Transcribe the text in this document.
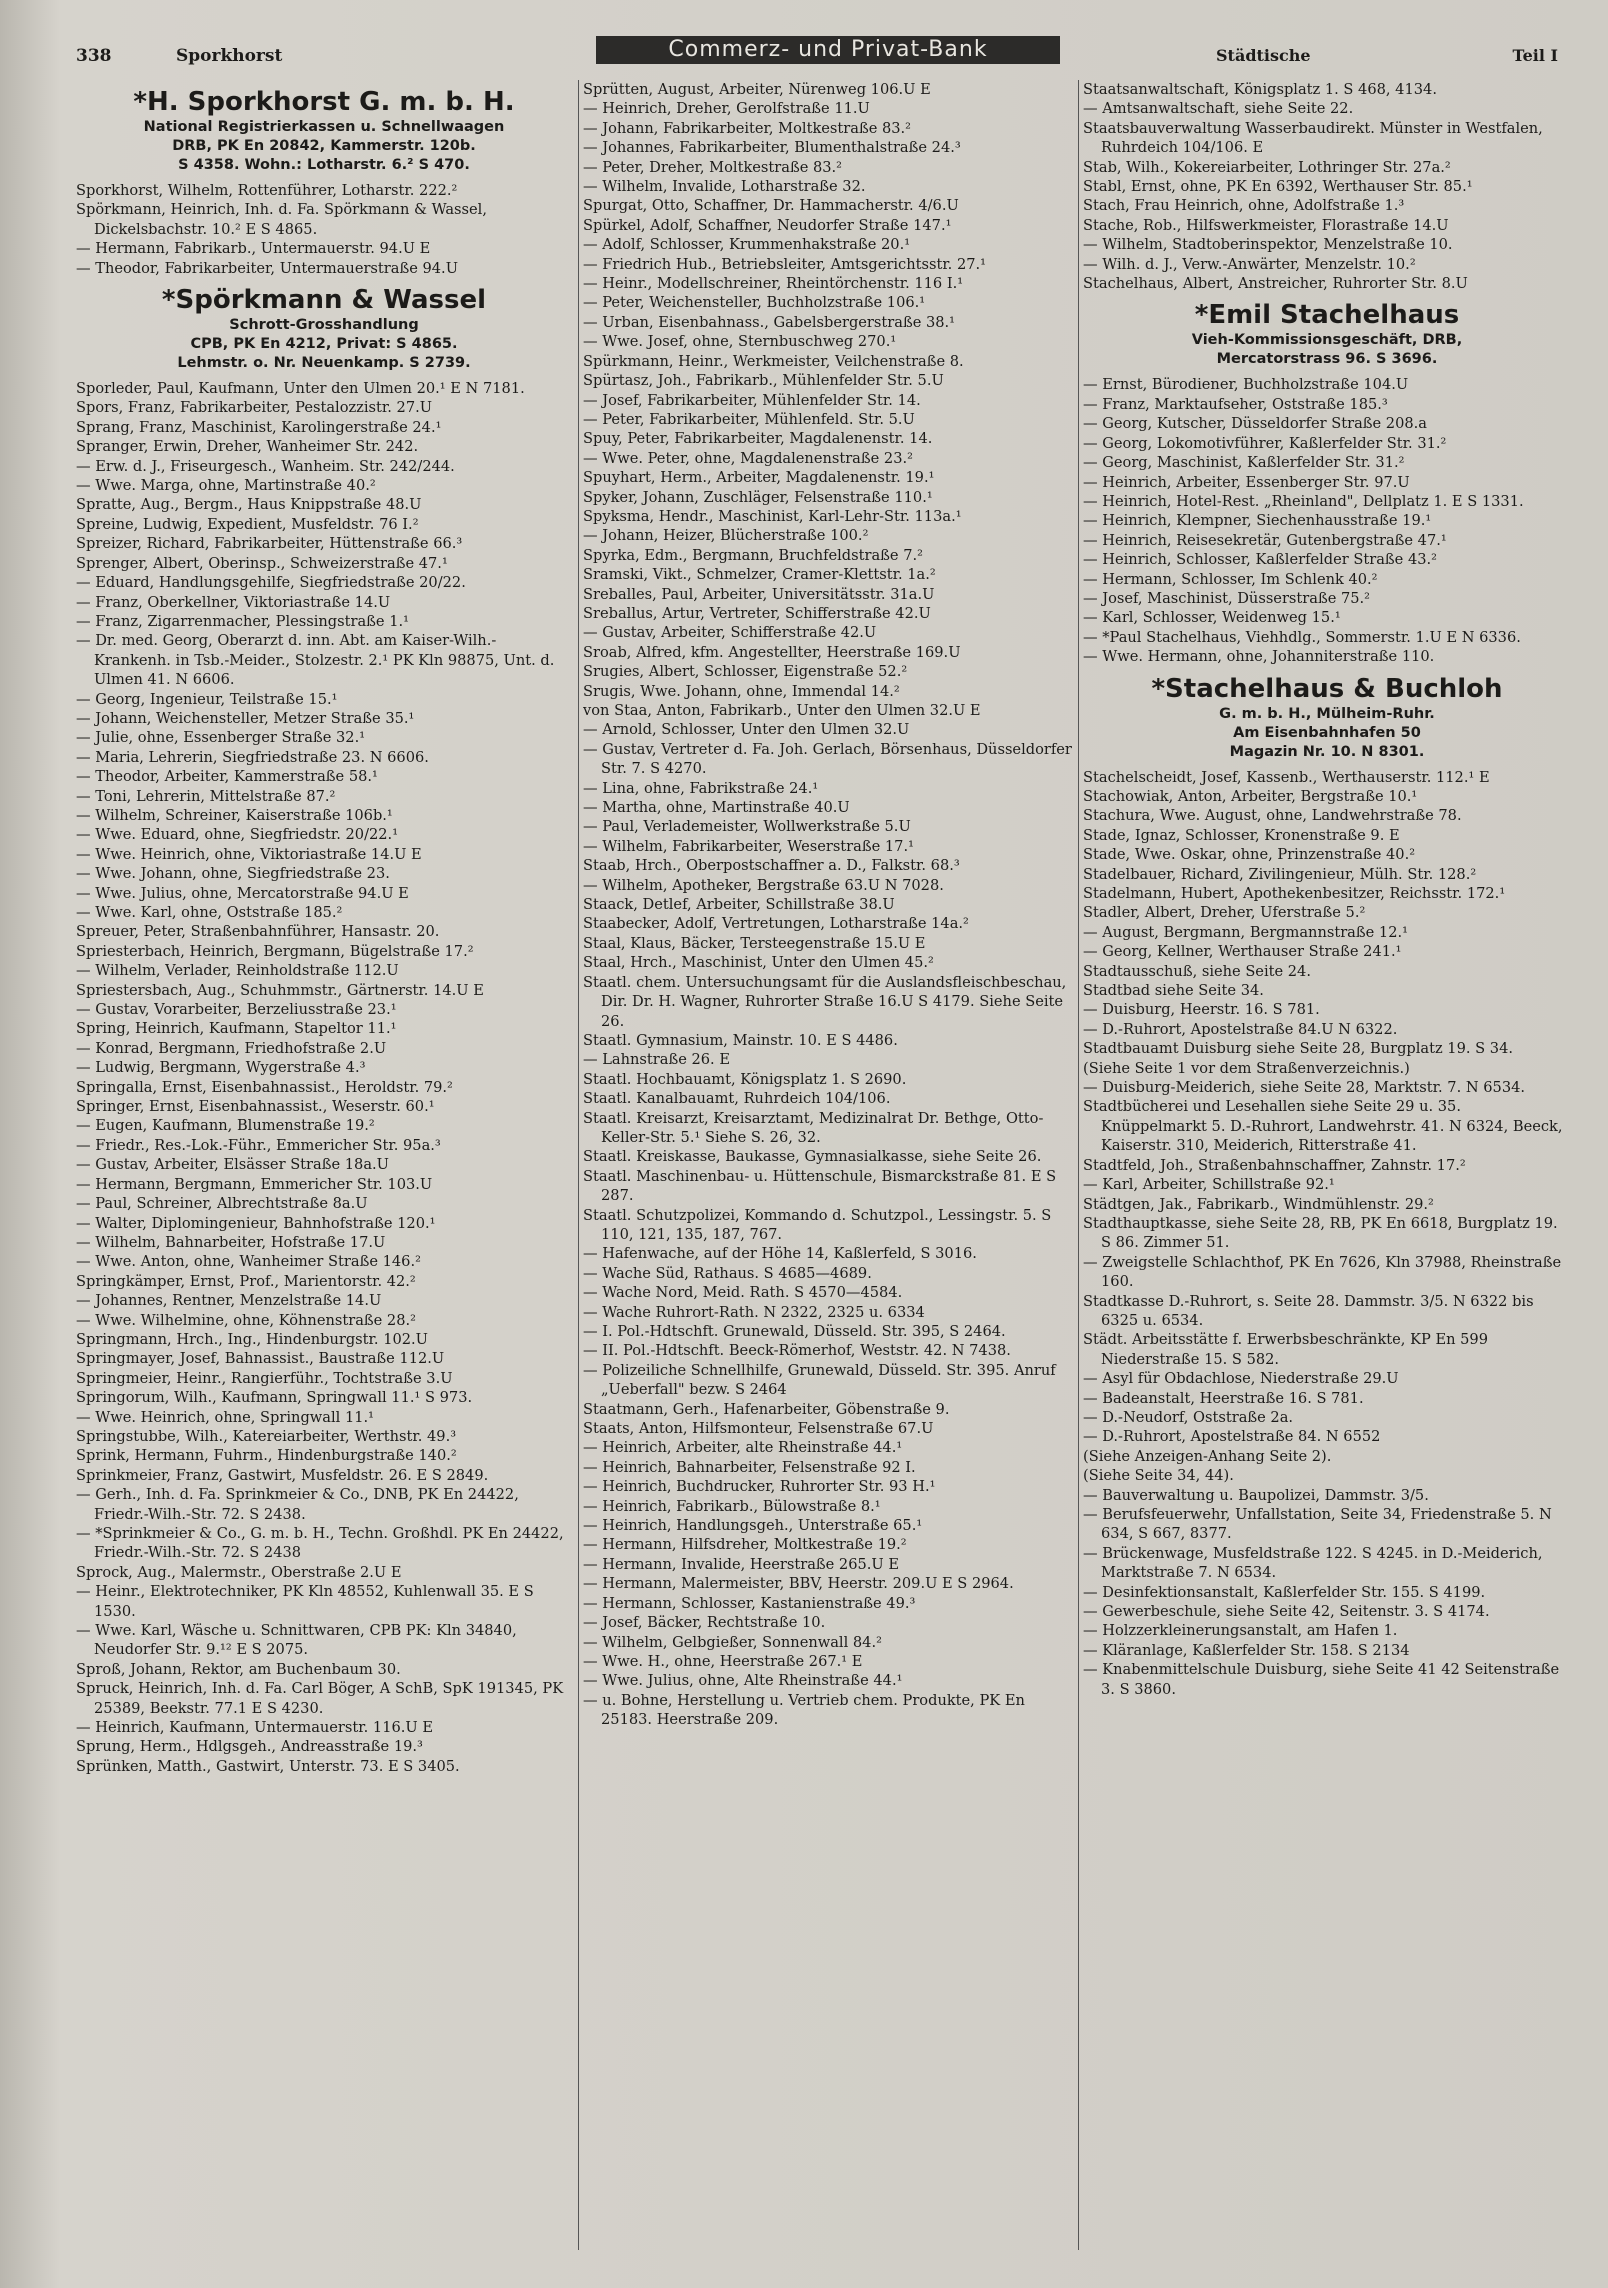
338	Sporkhorst	Commerz- und Privat-Bank	Städtische	Teil I
*H. Sporkhorst G. m. b. H.
National Registrierkassen u. Schnellwaagen
DRB, PK En 20842, Kammerstr. 120b.
S 4358. Wohn.: Lotharstr. 6.² S 470.
Sporkhorst, Wilhelm, Rottenführer, Lotharstr. 222.²
Spörkmann, Heinrich, Inh. d. Fa. Spörkmann & Wassel, Dickelsbachstr. 10.² E S 4865.
— Hermann, Fabrikarb., Untermauerstr. 94.U E
— Theodor, Fabrikarbeiter, Untermauerstraße 94.U
*Spörkmann & Wassel
Schrott-Grosshandlung
CPB, PK En 4212, Privat: S 4865.
Lehmstr. o. Nr. Neuenkamp. S 2739.
Sporleder, Paul, Kaufmann, Unter den Ulmen 20.¹ E N 7181.
Spors, Franz, Fabrikarbeiter, Pestalozzistr. 27.U
Sprang, Franz, Maschinist, Karolingerstraße 24.¹
Spranger, Erwin, Dreher, Wanheimer Str. 242.
— Erw. d. J., Friseurgesch., Wanheim. Str. 242/244.
— Wwe. Marga, ohne, Martinstraße 40.²
Spratte, Aug., Bergm., Haus Knippstraße 48.U
Spreine, Ludwig, Expedient, Musfeldstr. 76 I.²
Spreizer, Richard, Fabrikarbeiter, Hüttenstraße 66.³
Sprenger, Albert, Oberinsp., Schweizerstraße 47.¹
— Eduard, Handlungsgehilfe, Siegfriedstraße 20/22.
— Franz, Oberkellner, Viktoriastraße 14.U
— Franz, Zigarrenmacher, Plessingstraße 1.¹
— Dr. med. Georg, Oberarzt d. inn. Abt. am Kaiser-Wilh.-Krankenh. in Tsb.-Meider., Stolzestr. 2.¹ PK Kln 98875, Unt. d. Ulmen 41. N 6606.
— Georg, Ingenieur, Teilstraße 15.¹
— Johann, Weichensteller, Metzer Straße 35.¹
— Julie, ohne, Essenberger Straße 32.¹
— Maria, Lehrerin, Siegfriedstraße 23. N 6606.
— Theodor, Arbeiter, Kammerstraße 58.¹
— Toni, Lehrerin, Mittelstraße 87.²
— Wilhelm, Schreiner, Kaiserstraße 106b.¹
— Wwe. Eduard, ohne, Siegfriedstr. 20/22.¹
— Wwe. Heinrich, ohne, Viktoriastraße 14.U E
— Wwe. Johann, ohne, Siegfriedstraße 23.
— Wwe. Julius, ohne, Mercatorstraße 94.U E
— Wwe. Karl, ohne, Oststraße 185.²
Spreuer, Peter, Straßenbahnführer, Hansastr. 20.
Spriesterbach, Heinrich, Bergmann, Bügelstraße 17.²
— Wilhelm, Verlader, Reinholdstraße 112.U
Spriestersbach, Aug., Schuhmmstr., Gärtnerstr. 14.U E
— Gustav, Vorarbeiter, Berzeliusstraße 23.¹
Spring, Heinrich, Kaufmann, Stapeltor 11.¹
— Konrad, Bergmann, Friedhofstraße 2.U
— Ludwig, Bergmann, Wygerstraße 4.³
Springalla, Ernst, Eisenbahnassist., Heroldstr. 79.²
Springer, Ernst, Eisenbahnassist., Weserstr. 60.¹
— Eugen, Kaufmann, Blumenstraße 19.²
— Friedr., Res.-Lok.-Führ., Emmericher Str. 95a.³
— Gustav, Arbeiter, Elsässer Straße 18a.U
— Hermann, Bergmann, Emmericher Str. 103.U
— Paul, Schreiner, Albrechtstraße 8a.U
— Walter, Diplomingenieur, Bahnhofstraße 120.¹
— Wilhelm, Bahnarbeiter, Hofstraße 17.U
— Wwe. Anton, ohne, Wanheimer Straße 146.²
Springkämper, Ernst, Prof., Marientorstr. 42.²
— Johannes, Rentner, Menzelstraße 14.U
— Wwe. Wilhelmine, ohne, Köhnenstraße 28.²
Springmann, Hrch., Ing., Hindenburgstr. 102.U
Springmayer, Josef, Bahnassist., Baustraße 112.U
Springmeier, Heinr., Rangierführ., Tochtstraße 3.U
Springorum, Wilh., Kaufmann, Springwall 11.¹ S 973.
— Wwe. Heinrich, ohne, Springwall 11.¹
Springstubbe, Wilh., Katereiarbeiter, Werthstr. 49.³
Sprink, Hermann, Fuhrm., Hindenburgstraße 140.²
Sprinkmeier, Franz, Gastwirt, Musfeldstr. 26. E S 2849.
— Gerh., Inh. d. Fa. Sprinkmeier & Co., DNB, PK En 24422, Friedr.-Wilh.-Str. 72. S 2438.
— *Sprinkmeier & Co., G. m. b. H., Techn. Großhdl. PK En 24422, Friedr.-Wilh.-Str. 72. S 2438
Sprock, Aug., Malermstr., Oberstraße 2.U E
— Heinr., Elektrotechniker, PK Kln 48552, Kuhlenwall 35. E S 1530.
— Wwe. Karl, Wäsche u. Schnittwaren, CPB PK: Kln 34840, Neudorfer Str. 9.¹² E S 2075.
Sproß, Johann, Rektor, am Buchenbaum 30.
Spruck, Heinrich, Inh. d. Fa. Carl Böger, A SchB, SpK 191345, PK 25389, Beekstr. 77.1 E S 4230.
— Heinrich, Kaufmann, Untermauerstr. 116.U E
Sprung, Herm., Hdlgsgeh., Andreasstraße 19.³
Sprünken, Matth., Gastwirt, Unterstr. 73. E S 3405.
Sprütten, August, Arbeiter, Nürenweg 106.U E
— Heinrich, Dreher, Gerolfstraße 11.U
— Johann, Fabrikarbeiter, Moltkestraße 83.²
— Johannes, Fabrikarbeiter, Blumenthalstraße 24.³
— Peter, Dreher, Moltkestraße 83.²
— Wilhelm, Invalide, Lotharstraße 32.
Spurgat, Otto, Schaffner, Dr. Hammacherstr. 4/6.U
Spürkel, Adolf, Schaffner, Neudorfer Straße 147.¹
— Adolf, Schlosser, Krummenhakstraße 20.¹
— Friedrich Hub., Betriebsleiter, Amtsgerichtsstr. 27.¹
— Heinr., Modellschreiner, Rheintörchenstr. 116 I.¹
— Peter, Weichensteller, Buchholzstraße 106.¹
— Urban, Eisenbahnass., Gabelsbergerstraße 38.¹
— Wwe. Josef, ohne, Sternbuschweg 270.¹
Spürkmann, Heinr., Werkmeister, Veilchenstraße 8.
Spürtasz, Joh., Fabrikarb., Mühlenfelder Str. 5.U
— Josef, Fabrikarbeiter, Mühlenfelder Str. 14.
— Peter, Fabrikarbeiter, Mühlenfeld. Str. 5.U
Spuy, Peter, Fabrikarbeiter, Magdalenenstr. 14.
— Wwe. Peter, ohne, Magdalenenstraße 23.²
Spuyhart, Herm., Arbeiter, Magdalenenstr. 19.¹
Spyker, Johann, Zuschläger, Felsenstraße 110.¹
Spyksma, Hendr., Maschinist, Karl-Lehr-Str. 113a.¹
— Johann, Heizer, Blücherstraße 100.²
Spyrka, Edm., Bergmann, Bruchfeldstraße 7.²
Sramski, Vikt., Schmelzer, Cramer-Klettstr. 1a.²
Sreballes, Paul, Arbeiter, Universitätsstr. 31a.U
Sreballus, Artur, Vertreter, Schifferstraße 42.U
— Gustav, Arbeiter, Schifferstraße 42.U
Sroab, Alfred, kfm. Angestellter, Heerstraße 169.U
Srugies, Albert, Schlosser, Eigenstraße 52.²
Srugis, Wwe. Johann, ohne, Immendal 14.²
von Staa, Anton, Fabrikarb., Unter den Ulmen 32.U E
— Arnold, Schlosser, Unter den Ulmen 32.U
— Gustav, Vertreter d. Fa. Joh. Gerlach, Börsenhaus, Düsseldorfer Str. 7. S 4270.
— Lina, ohne, Fabrikstraße 24.¹
— Martha, ohne, Martinstraße 40.U
— Paul, Verlademeister, Wollwerkstraße 5.U
— Wilhelm, Fabrikarbeiter, Weserstraße 17.¹
Staab, Hrch., Oberpostschaffner a. D., Falkstr. 68.³
— Wilhelm, Apotheker, Bergstraße 63.U N 7028.
Staack, Detlef, Arbeiter, Schillstraße 38.U
Staabecker, Adolf, Vertretungen, Lotharstraße 14a.²
Staal, Klaus, Bäcker, Tersteegenstraße 15.U E
Staal, Hrch., Maschinist, Unter den Ulmen 45.²
Staatl. chem. Untersuchungsamt für die Auslandsfleischbeschau, Dir. Dr. H. Wagner, Ruhrorter Straße 16.U S 4179. Siehe Seite 26.
Staatl. Gymnasium, Mainstr. 10. E S 4486.
— Lahnstraße 26. E
Staatl. Hochbauamt, Königsplatz 1. S 2690.
Staatl. Kanalbauamt, Ruhrdeich 104/106.
Staatl. Kreisarzt, Kreisarztamt, Medizinalrat Dr. Bethge, Otto-Keller-Str. 5.¹ Siehe S. 26, 32.
Staatl. Kreiskasse, Baukasse, Gymnasialkasse, siehe Seite 26.
Staatl. Maschinenbau- u. Hüttenschule, Bismarckstraße 81. E S 287.
Staatl. Schutzpolizei, Kommando d. Schutzpol., Lessingstr. 5. S 110, 121, 135, 187, 767.
— Hafenwache, auf der Höhe 14, Kaßlerfeld, S 3016.
— Wache Süd, Rathaus. S 4685—4689.
— Wache Nord, Meid. Rath. S 4570—4584.
— Wache Ruhrort-Rath. N 2322, 2325 u. 6334
— I. Pol.-Hdtschft. Grunewald, Düsseld. Str. 395, S 2464.
— II. Pol.-Hdtschft. Beeck-Römerhof, Weststr. 42. N 7438.
— Polizeiliche Schnellhilfe, Grunewald, Düsseld. Str. 395. Anruf „Ueberfall" bezw. S 2464
Staatmann, Gerh., Hafenarbeiter, Göbenstraße 9.
Staats, Anton, Hilfsmonteur, Felsenstraße 67.U
— Heinrich, Arbeiter, alte Rheinstraße 44.¹
— Heinrich, Bahnarbeiter, Felsenstraße 92 I.
— Heinrich, Buchdrucker, Ruhrorter Str. 93 H.¹
— Heinrich, Fabrikarb., Bülowstraße 8.¹
— Heinrich, Handlungsgeh., Unterstraße 65.¹
— Hermann, Hilfsdreher, Moltkestraße 19.²
— Hermann, Invalide, Heerstraße 265.U E
— Hermann, Malermeister, BBV, Heerstr. 209.U E S 2964.
— Hermann, Schlosser, Kastanienstraße 49.³
— Josef, Bäcker, Rechtstraße 10.
— Wilhelm, Gelbgießer, Sonnenwall 84.²
— Wwe. H., ohne, Heerstraße 267.¹ E
— Wwe. Julius, ohne, Alte Rheinstraße 44.¹
— u. Bohne, Herstellung u. Vertrieb chem. Produkte, PK En 25183. Heerstraße 209.
Staatsanwaltschaft, Königsplatz 1. S 468, 4134.
— Amtsanwaltschaft, siehe Seite 22.
Staatsbauverwaltung Wasserbaudirekt. Münster in Westfalen, Ruhrdeich 104/106. E
Stab, Wilh., Kokereiarbeiter, Lothringer Str. 27a.²
Stabl, Ernst, ohne, PK En 6392, Werthauser Str. 85.¹
Stach, Frau Heinrich, ohne, Adolfstraße 1.³
Stache, Rob., Hilfswerkmeister, Florastraße 14.U
— Wilhelm, Stadtoberinspektor, Menzelstraße 10.
— Wilh. d. J., Verw.-Anwärter, Menzelstr. 10.²
Stachelhaus, Albert, Anstreicher, Ruhrorter Str. 8.U
*Emil Stachelhaus
Vieh-Kommissionsgeschäft, DRB,
Mercatorstrass 96. S 3696.
— Ernst, Bürodiener, Buchholzstraße 104.U
— Franz, Marktaufseher, Oststraße 185.³
— Georg, Kutscher, Düsseldorfer Straße 208.a
— Georg, Lokomotivführer, Kaßlerfelder Str. 31.²
— Georg, Maschinist, Kaßlerfelder Str. 31.²
— Heinrich, Arbeiter, Essenberger Str. 97.U
— Heinrich, Hotel-Rest. „Rheinland", Dellplatz 1. E S 1331.
— Heinrich, Klempner, Siechenhausstraße 19.¹
— Heinrich, Reisesekretär, Gutenbergstraße 47.¹
— Heinrich, Schlosser, Kaßlerfelder Straße 43.²
— Hermann, Schlosser, Im Schlenk 40.²
— Josef, Maschinist, Düsserstraße 75.²
— Karl, Schlosser, Weidenweg 15.¹
— *Paul Stachelhaus, Viehhdlg., Sommerstr. 1.U E N 6336.
— Wwe. Hermann, ohne, Johanniterstraße 110.
*Stachelhaus & Buchloh
G. m. b. H., Mülheim-Ruhr.
Am Eisenbahnhafen 50
Magazin Nr. 10. N 8301.
Stachelscheidt, Josef, Kassenb., Werthauserstr. 112.¹ E
Stachowiak, Anton, Arbeiter, Bergstraße 10.¹
Stachura, Wwe. August, ohne, Landwehrstraße 78.
Stade, Ignaz, Schlosser, Kronenstraße 9. E
Stade, Wwe. Oskar, ohne, Prinzenstraße 40.²
Stadelbauer, Richard, Zivilingenieur, Mülh. Str. 128.²
Stadelmann, Hubert, Apothekenbesitzer, Reichsstr. 172.¹
Stadler, Albert, Dreher, Uferstraße 5.²
— August, Bergmann, Bergmannstraße 12.¹
— Georg, Kellner, Werthauser Straße 241.¹
Stadtausschuß, siehe Seite 24.
Stadtbad siehe Seite 34.
— Duisburg, Heerstr. 16. S 781.
— D.-Ruhrort, Apostelstraße 84.U N 6322.
Stadtbauamt Duisburg siehe Seite 28, Burgplatz 19. S 34.
(Siehe Seite 1 vor dem Straßenverzeichnis.)
— Duisburg-Meiderich, siehe Seite 28, Marktstr. 7. N 6534.
Stadtbücherei und Lesehallen siehe Seite 29 u. 35. Knüppelmarkt 5. D.-Ruhrort, Landwehrstr. 41. N 6324, Beeck, Kaiserstr. 310, Meiderich, Ritterstraße 41.
Stadtfeld, Joh., Straßenbahnschaffner, Zahnstr. 17.²
— Karl, Arbeiter, Schillstraße 92.¹
Städtgen, Jak., Fabrikarb., Windmühlenstr. 29.²
Stadthauptkasse, siehe Seite 28, RB, PK En 6618, Burgplatz 19. S 86. Zimmer 51.
— Zweigstelle Schlachthof, PK En 7626, Kln 37988, Rheinstraße 160.
Stadtkasse D.-Ruhrort, s. Seite 28. Dammstr. 3/5. N 6322 bis 6325 u. 6534.
Städt. Arbeitsstätte f. Erwerbsbeschränkte, KP En 599 Niederstraße 15. S 582.
— Asyl für Obdachlose, Niederstraße 29.U
— Badeanstalt, Heerstraße 16. S 781.
— D.-Neudorf, Oststraße 2a.
— D.-Ruhrort, Apostelstraße 84. N 6552
(Siehe Anzeigen-Anhang Seite 2).
(Siehe Seite 34, 44).
— Bauverwaltung u. Baupolizei, Dammstr. 3/5.
— Berufsfeuerwehr, Unfallstation, Seite 34, Friedenstraße 5. N 634, S 667, 8377.
— Brückenwage, Musfeldstraße 122. S 4245. in D.-Meiderich, Marktstraße 7. N 6534.
— Desinfektionsanstalt, Kaßlerfelder Str. 155. S 4199.
— Gewerbeschule, siehe Seite 42, Seitenstr. 3. S 4174.
— Holzzerkleinerungsanstalt, am Hafen 1.
— Kläranlage, Kaßlerfelder Str. 158. S 2134
— Knabenmittelschule Duisburg, siehe Seite 41 42 Seitenstraße 3. S 3860.
